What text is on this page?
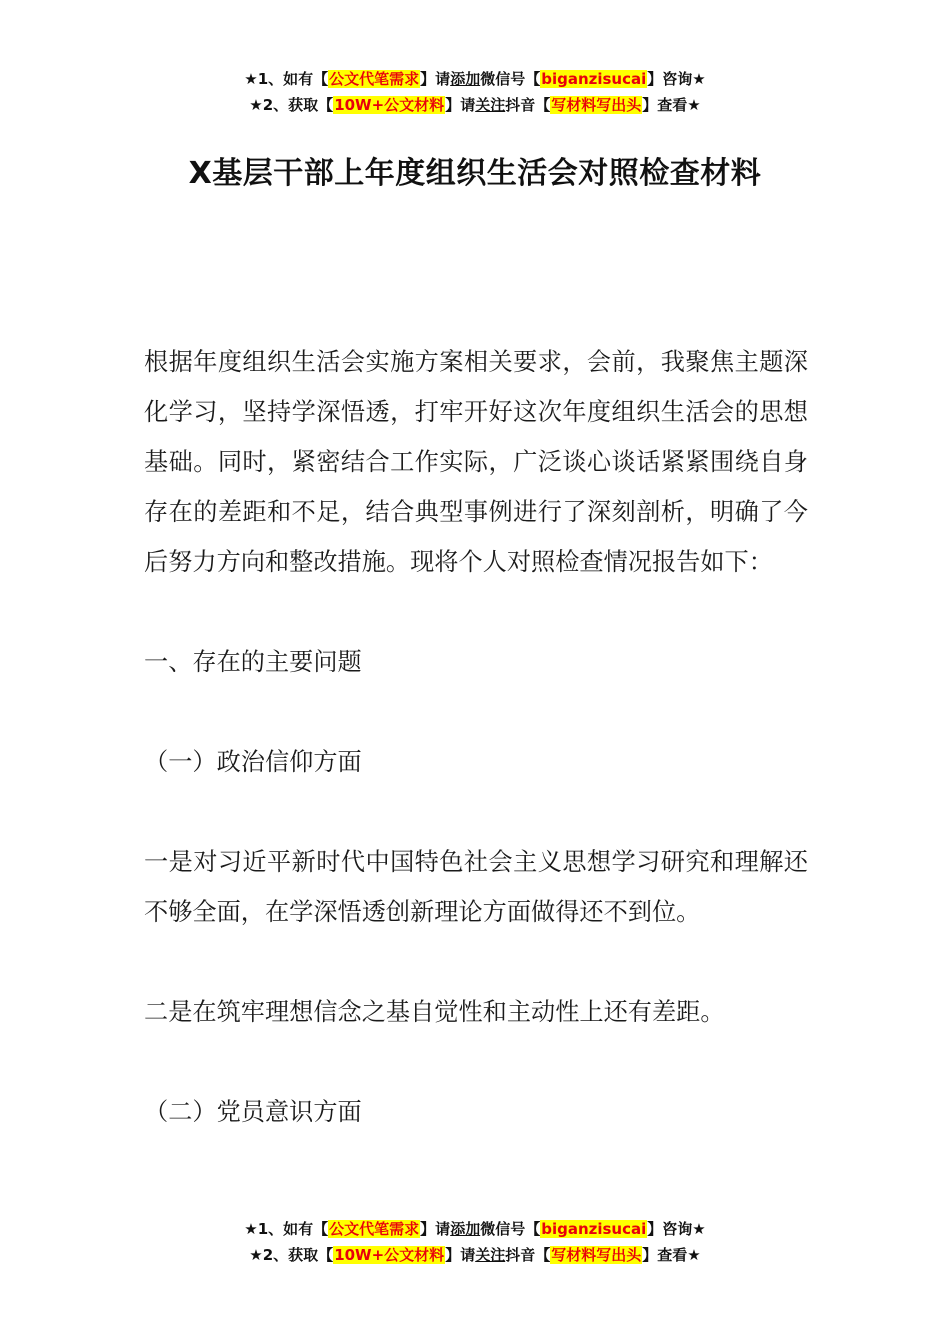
★1、如有【公文代笔需求】请添加微信号【biganzisucai】咨询★
★2、获取【10W+公文材料】请关注抖音【写材料写出头】查看★
X基层干部上年度组织生活会对照检查材料

根据年度组织生活会实施方案相关要求，会前，我聚焦主题深化学习，坚持学深悟透，打牢开好这次年度组织生活会的思想基础。同时，紧密结合工作实际，广泛谈心谈话紧紧围绕自身存在的差距和不足，结合典型事例进行了深刻剖析，明确了今后努力方向和整改措施。现将个人对照检查情况报告如下：

一、存在的主要问题

（一）政治信仰方面

一是对习近平新时代中国特色社会主义思想学习研究和理解还不够全面，在学深悟透创新理论方面做得还不到位。

二是在筑牢理想信念之基自觉性和主动性上还有差距。

（二）党员意识方面

★1、如有【公文代笔需求】请添加微信号【biganzisucai】咨询★
★2、获取【10W+公文材料】请关注抖音【写材料写出头】查看★
